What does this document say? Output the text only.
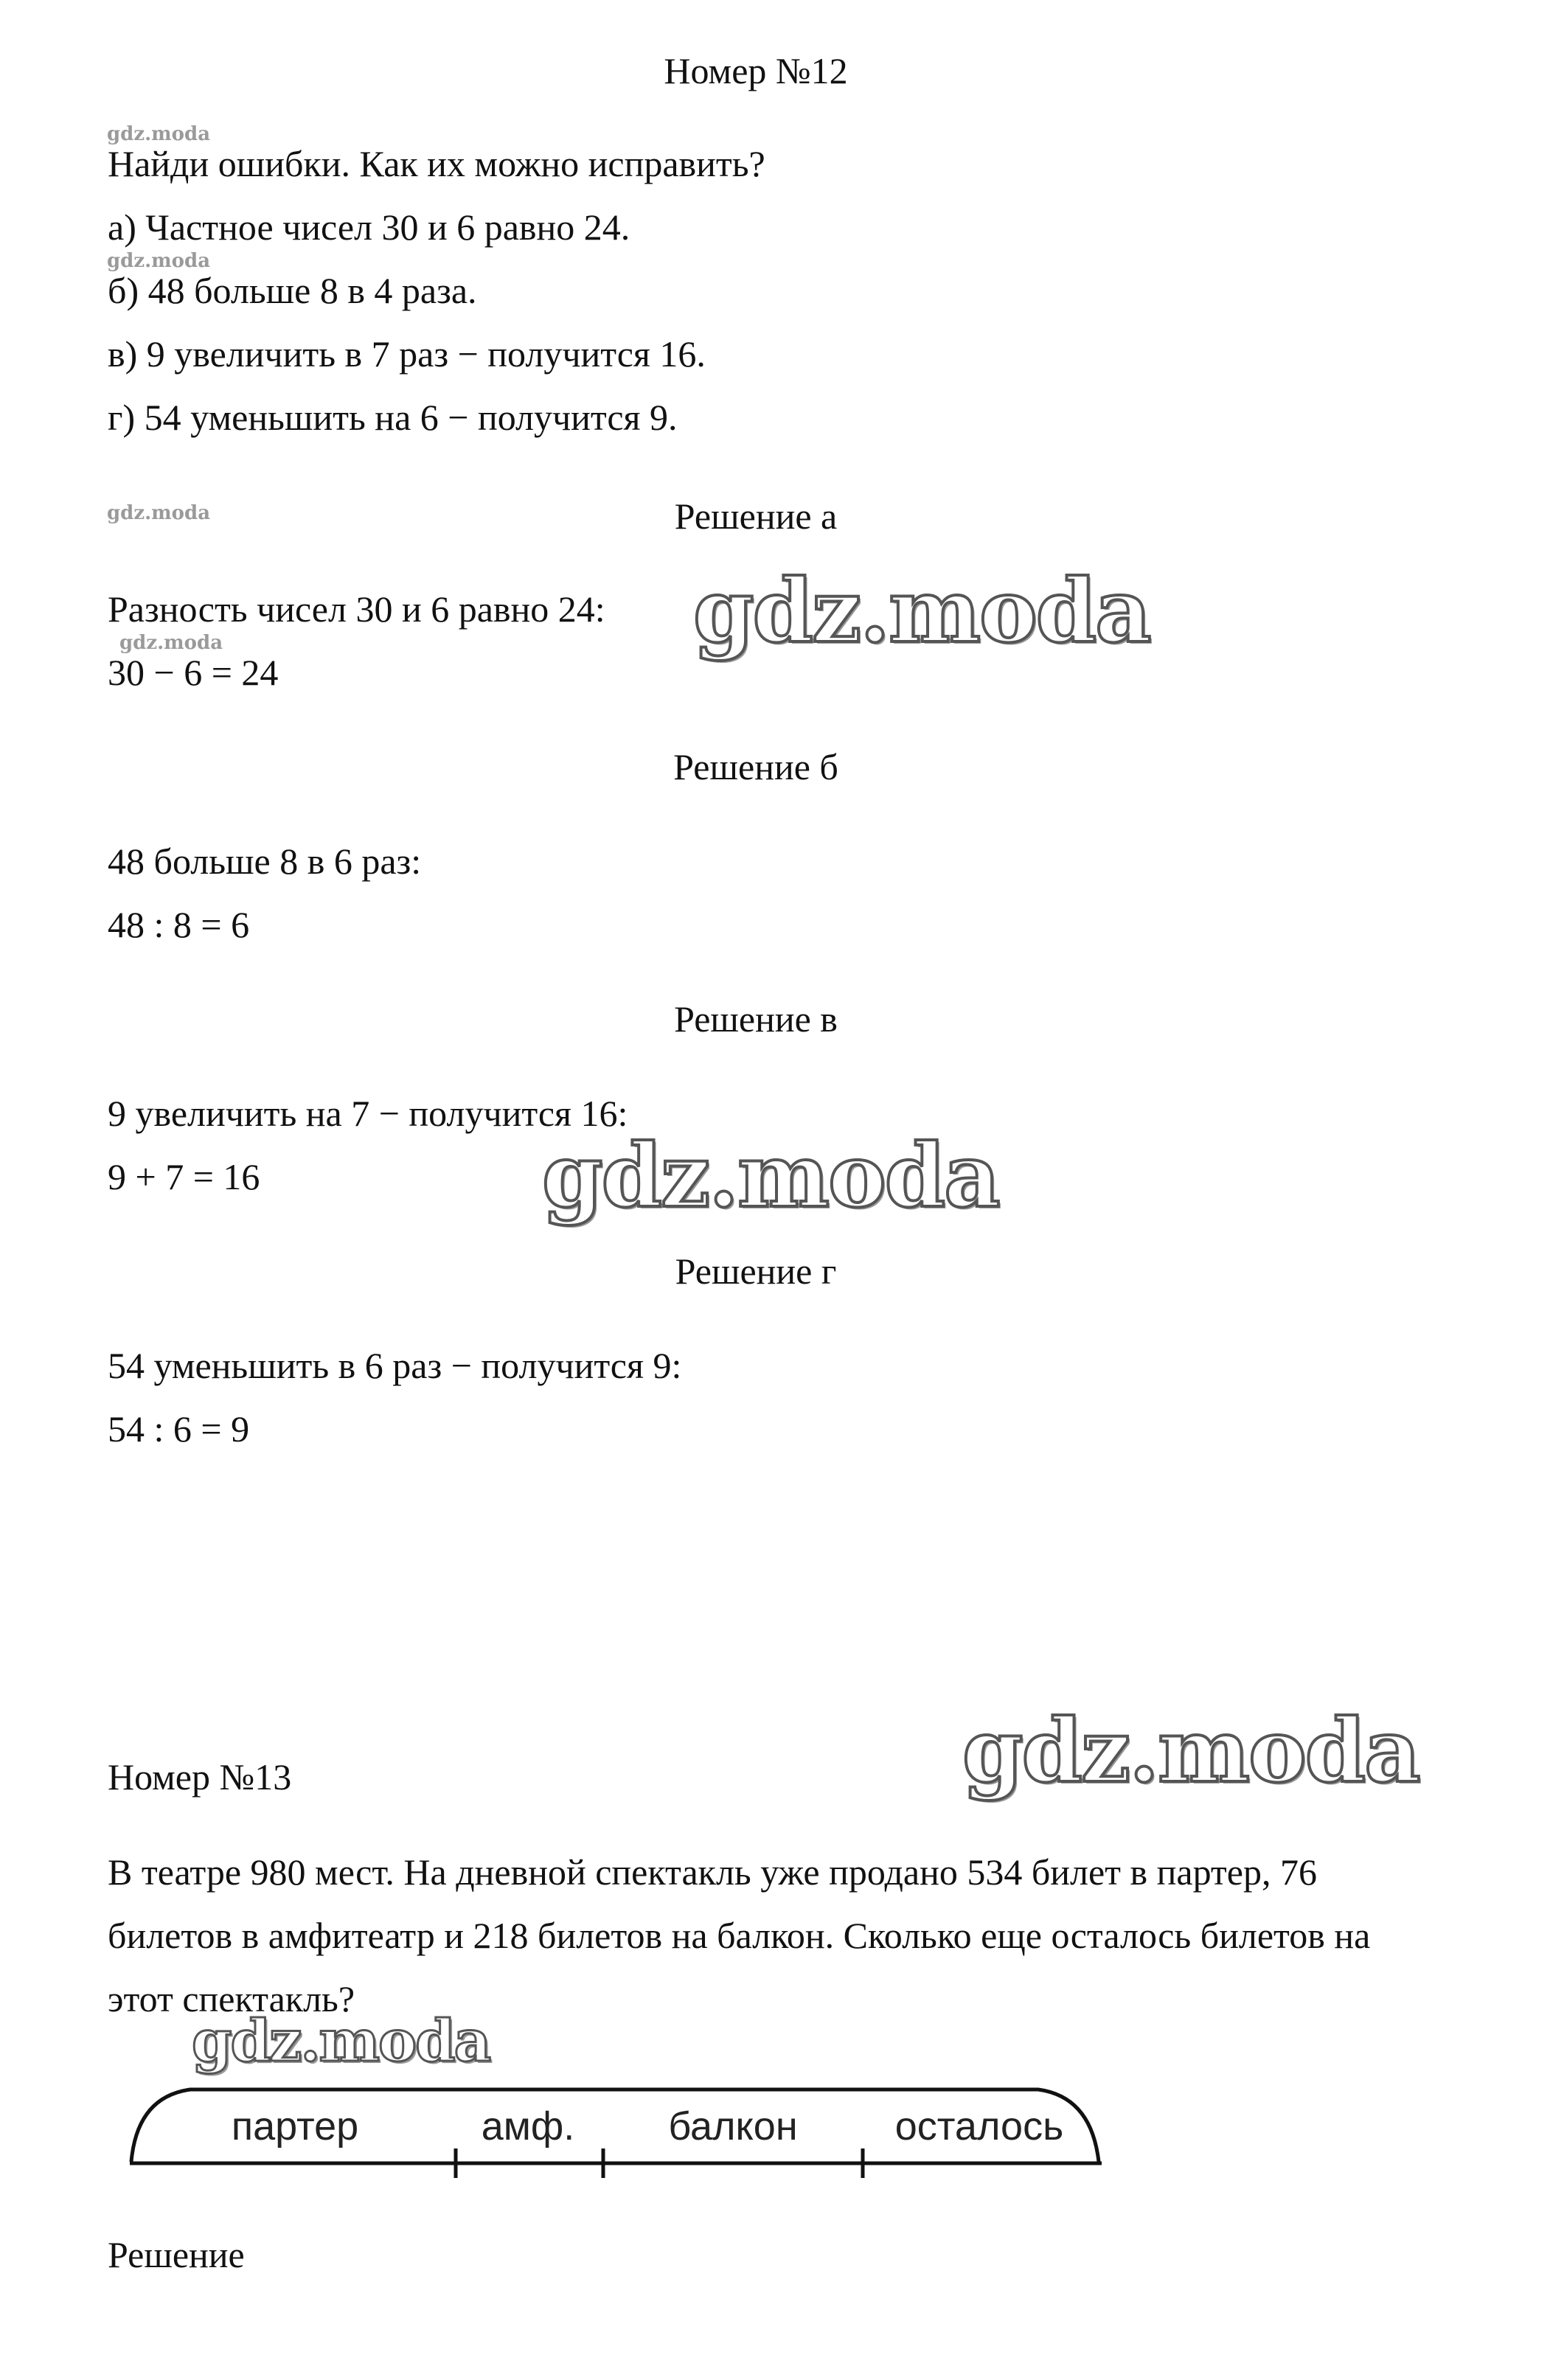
Номер №12
gdz.moda
Найди ошибки. Как их можно исправить?
а) Частное чисел 30 и 6 равно 24.
gdz.moda
б) 48 больше 8 в 4 раза.
в) 9 увеличить в 7 раз − получится 16.
г) 54 уменьшить на 6 − получится 9.
gdz.moda	Решение а
Разность чисел 30 и 6 равно 24: gdz.moda
gdz.moda
30 − 6 = 24
Решение б
48 больше 8 в 6 раз:
48 : 8 = 6
Решение в
9 увеличить на 7 − получится 16:
9 + 7 = 16	gdz.moda
Решение г
54 уменьшить в 6 раз − получится 9:
54 : 6 = 9
gdz.moda
Номер №13
В театре 980 мест. На дневной спектакль уже продано 534 билет в партер, 76 билетов в амфитеатр и 218 билетов на балкон. Сколько еще осталось билетов на этот спектакль?
gdz.moda
партер	амф. балкон осталось
Решение
